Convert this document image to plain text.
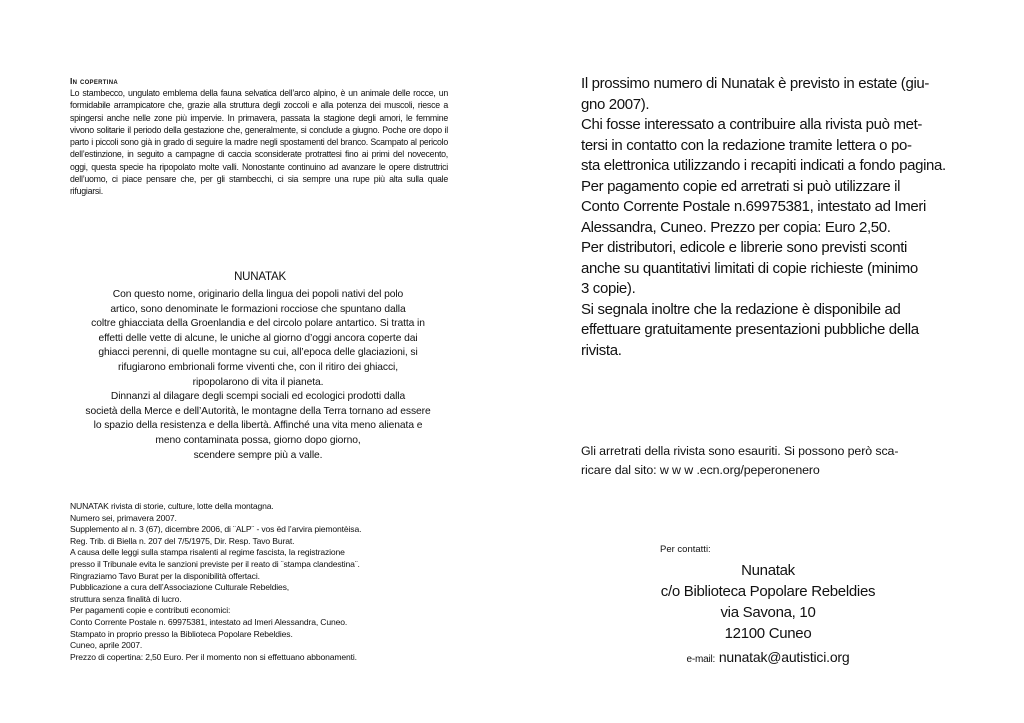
In copertina
Lo stambecco, ungulato emblema della fauna selvatica dell’arco alpino, è un animale delle rocce, un formidabile arrampicatore che, grazie alla struttura degli zoccoli e alla potenza dei muscoli, riesce a spingersi anche nelle zone più impervie. In primavera, passata la stagione degli amori, le femmine vivono solitarie il periodo della gestazione che, generalmente, si conclude a giugno. Poche ore dopo il parto i piccoli sono già in grado di seguire la madre negli spostamenti del branco. Scampato al pericolo dell’estinzione, in seguito a campagne di caccia sconsiderate protrattesi fino ai primi del novecento, oggi, questa specie ha ripopolato molte valli. Nonostante continuino ad avanzare le opere distruttrici dell’uomo, ci piace pensare che, per gli stambecchi, ci sia sempre una rupe più alta sulla quale rifugiarsi.
NUNATAK
Con questo nome, originario della lingua dei popoli nativi del polo
artico, sono denominate le formazioni rocciose che spuntano dalla
coltre ghiacciata della Groenlandia e del circolo polare antartico. Si tratta in
effetti delle vette di alcune, le uniche al giorno d’oggi ancora coperte dai
ghiacci perenni, di quelle montagne su cui, all’epoca delle glaciazioni, si
rifugiarono embrionali forme viventi che, con il ritiro dei ghiacci,
ripopolarono di vita il pianeta.
Dinnanzi al dilagare degli scempi sociali ed ecologici prodotti dalla
società della Merce e dell’Autorità, le montagne della Terra tornano ad essere
lo spazio della resistenza e della libertà. Affinché una vita meno alienata e
meno contaminata possa, giorno dopo giorno,
scendere sempre più a valle.
NUNATAK rivista di storie, culture, lotte della montagna.
Numero sei, primavera 2007.
Supplemento al n. 3 (67), dicembre 2006, di ¨ALP¨ - vos ëd l’arvira piemontèisa.
Reg. Trib. di Biella n. 207 del 7/5/1975, Dir. Resp. Tavo Burat.
A causa delle leggi sulla stampa risalenti al regime fascista, la registrazione
presso il Tribunale evita le sanzioni previste per il reato di ¨stampa clandestina¨.
Ringraziamo Tavo Burat per la disponibilità offertaci.
Pubblicazione a cura dell’Associazione Culturale Rebeldies,
struttura senza finalità di lucro.
Per pagamenti copie e contributi economici:
Conto Corrente Postale n. 69975381, intestato ad Imeri Alessandra, Cuneo.
Stampato in proprio presso la Biblioteca Popolare Rebeldies.
Cuneo, aprile 2007.
Prezzo di copertina: 2,50 Euro. Per il momento non si effettuano abbonamenti.
Il prossimo numero di Nunatak è previsto in estate (giu-
gno 2007).
Chi fosse interessato a contribuire alla rivista può met-
tersi in contatto con la redazione tramite lettera o po-
sta elettronica utilizzando i recapiti indicati a fondo pagina.
Per pagamento copie ed arretrati si può utilizzare il
Conto Corrente Postale n.69975381, intestato ad Imeri
Alessandra, Cuneo. Prezzo per copia: Euro 2,50.
Per distributori, edicole e librerie sono previsti sconti
anche su quantitativi limitati di copie richieste (minimo
3 copie).
Si segnala inoltre che la redazione è disponibile ad
effettuare gratuitamente presentazioni pubbliche della
rivista.
Gli arretrati della rivista sono esauriti. Si possono però sca-
ricare dal sito: w w w .ecn.org/peperonenero
Per contatti:
Nunatak
c/o Biblioteca Popolare Rebeldies
via Savona, 10
12100 Cuneo
e-mail: nunatak@autistici.org
